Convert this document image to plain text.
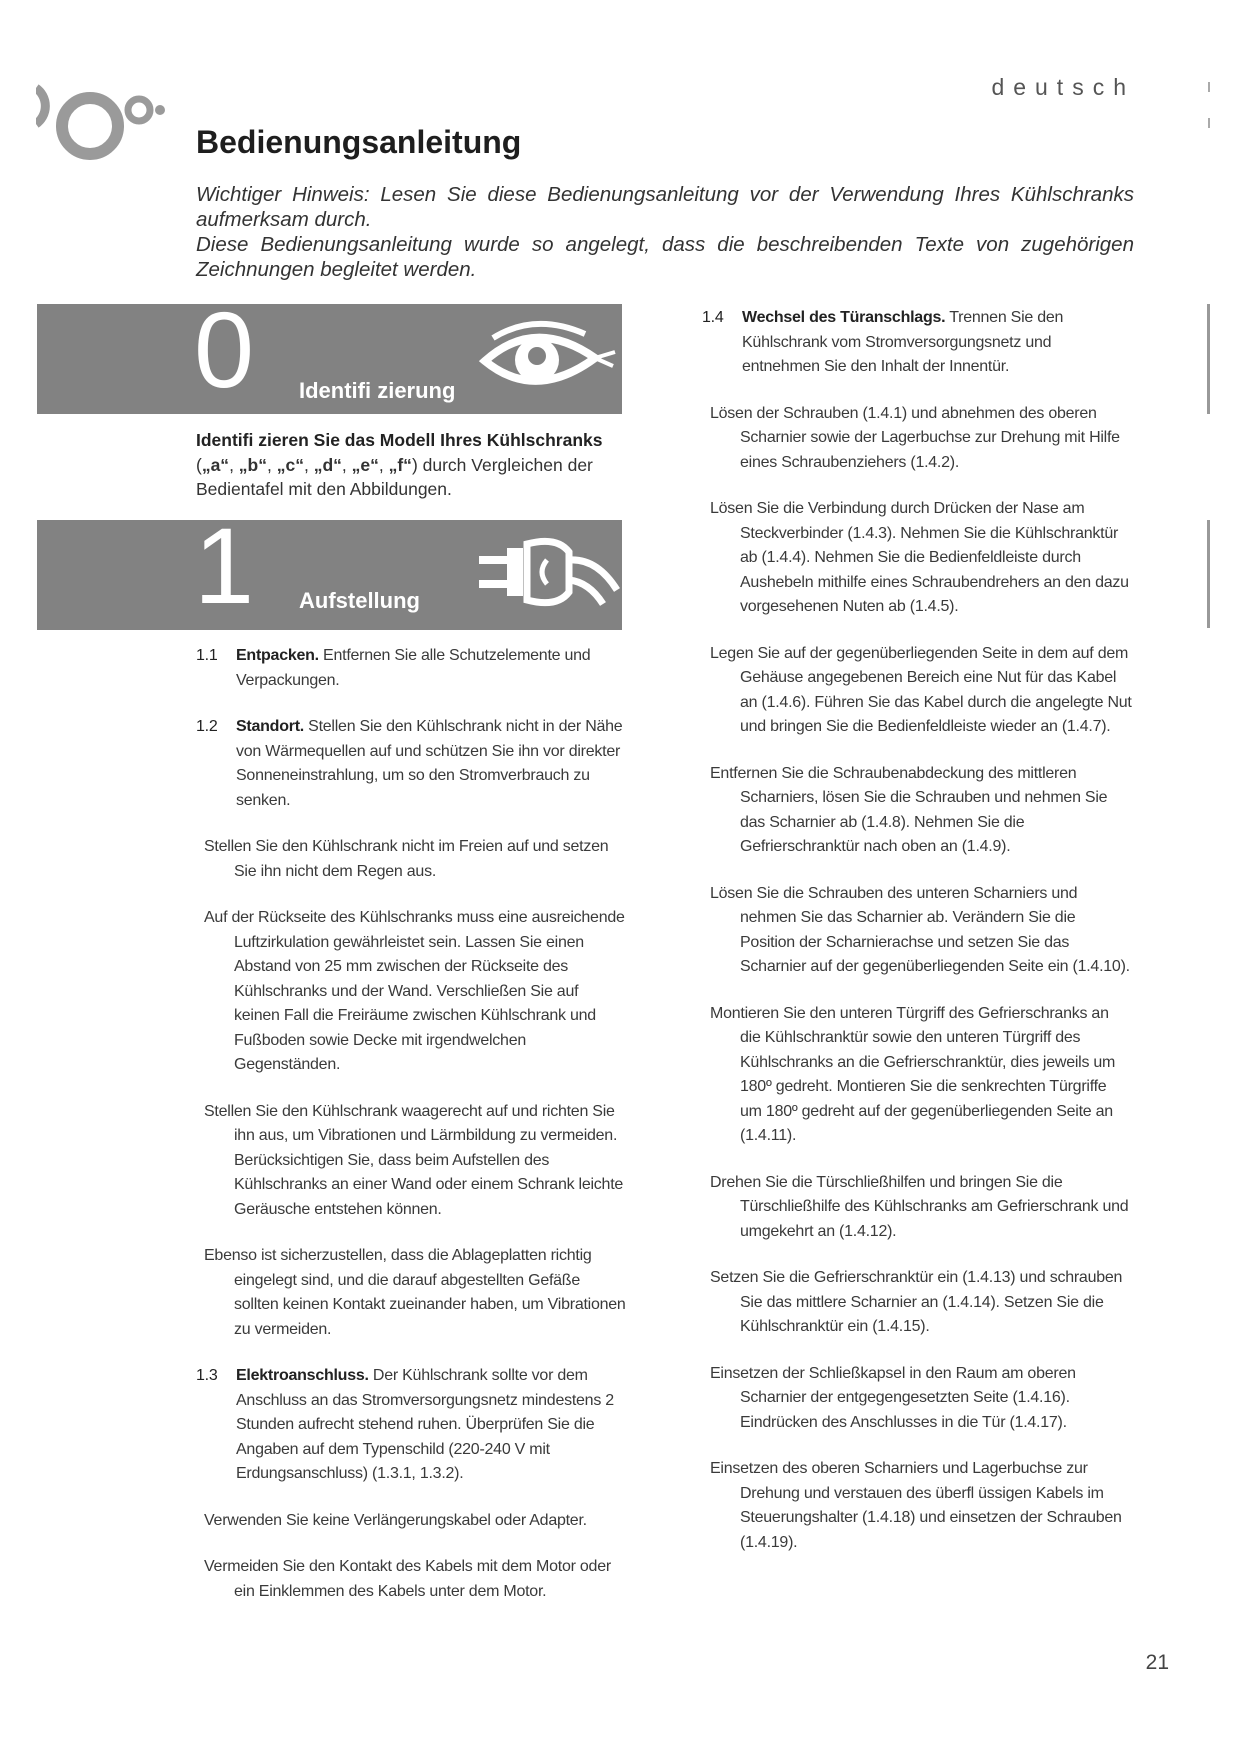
deutsch
Bedienungsanleitung

Wichtiger Hinweis: Lesen Sie diese Bedienungsanleitung vor der Verwendung Ihres Kühlschranks aufmerksam durch.

Diese Bedienungsanleitung wurde so angelegt, dass die beschreibenden Texte von zugehörigen Zeichnungen begleitet werden.

0 Identifi zierung
Identifi zieren Sie das Modell Ihres Kühlschranks
(„a“, „b“, „c“, „d“, „e“, „f“) durch Vergleichen der Bedientafel mit den Abbildungen.
1 Aufstellung

1.1 Entpacken. Entfernen Sie alle Schutzelemente und Verpackungen.

1.2 Standort. Stellen Sie den Kühlschrank nicht in der Nähe von Wärmequellen auf und schützen Sie ihn vor direkter Sonneneinstrahlung, um so den Stromverbrauch zu senken.

Stellen Sie den Kühlschrank nicht im Freien auf und setzen Sie ihn nicht dem Regen aus.

Auf der Rückseite des Kühlschranks muss eine ausreichende Luftzirkulation gewährleistet sein. Lassen Sie einen Abstand von 25 mm zwischen der Rückseite des Kühlschranks und der Wand. Verschließen Sie auf keinen Fall die Freiräume zwischen Kühlschrank und Fußboden sowie Decke mit irgendwelchen Gegenständen.

Stellen Sie den Kühlschrank waagerecht auf und richten Sie ihn aus, um Vibrationen und Lärmbildung zu vermeiden. Berücksichtigen Sie, dass beim Aufstellen des Kühlschranks an einer Wand oder einem Schrank leichte Geräusche entstehen können.

Ebenso ist sicherzustellen, dass die Ablageplatten richtig eingelegt sind, und die darauf abgestellten Gefäße sollten keinen Kontakt zueinander haben, um Vibrationen zu vermeiden.

1.3 Elektroanschluss. Der Kühlschrank sollte vor dem Anschluss an das Stromversorgungsnetz mindestens 2 Stunden aufrecht stehend ruhen. Überprüfen Sie die Angaben auf dem Typenschild (220-240 V mit Erdungsanschluss) (1.3.1, 1.3.2).

Verwenden Sie keine Verlängerungskabel oder Adapter.

Vermeiden Sie den Kontakt des Kabels mit dem Motor oder ein Einklemmen des Kabels unter dem Motor.

1.4 Wechsel des Türanschlags. Trennen Sie den Kühlschrank vom Stromversorgungsnetz und entnehmen Sie den Inhalt der Innentür.

Lösen der Schrauben (1.4.1) und abnehmen des oberen Scharnier sowie der Lagerbuchse zur Drehung mit Hilfe eines Schraubenziehers (1.4.2).

Lösen Sie die Verbindung durch Drücken der Nase am Steckverbinder (1.4.3). Nehmen Sie die Kühlschranktür ab (1.4.4). Nehmen Sie die Bedienfeldleiste durch Aushebeln mithilfe eines Schraubendrehers an den dazu vorgesehenen Nuten ab (1.4.5).

Legen Sie auf der gegenüberliegenden Seite in dem auf dem Gehäuse angegebenen Bereich eine Nut für das Kabel an (1.4.6). Führen Sie das Kabel durch die angelegte Nut und bringen Sie die Bedienfeldleiste wieder an (1.4.7).

Entfernen Sie die Schraubenabdeckung des mittleren Scharniers, lösen Sie die Schrauben und nehmen Sie das Scharnier ab (1.4.8). Nehmen Sie die Gefrierschranktür nach oben an (1.4.9).

Lösen Sie die Schrauben des unteren Scharniers und nehmen Sie das Scharnier ab. Verändern Sie die Position der Scharnierachse und setzen Sie das Scharnier auf der gegenüberliegenden Seite ein (1.4.10).

Montieren Sie den unteren Türgriff des Gefrierschranks an die Kühlschranktür sowie den unteren Türgriff des Kühlschranks an die Gefrierschranktür, dies jeweils um 180º gedreht. Montieren Sie die senkrechten Türgriffe um 180º gedreht auf der gegenüberliegenden Seite an (1.4.11).

Drehen Sie die Türschließhilfen und bringen Sie die Türschließhilfe des Kühlschranks am Gefrierschrank und umgekehrt an (1.4.12).

Setzen Sie die Gefrierschranktür ein (1.4.13) und schrauben Sie das mittlere Scharnier an (1.4.14). Setzen Sie die Kühlschranktür ein (1.4.15).

Einsetzen der Schließkapsel in den Raum am oberen Scharnier der entgegengesetzten Seite (1.4.16). Eindrücken des Anschlusses in die Tür (1.4.17).

Einsetzen des oberen Scharniers und Lagerbuchse zur Drehung und verstauen des überfl üssigen Kabels im Steuerungshalter (1.4.18) und einsetzen der Schrauben (1.4.19).

21
